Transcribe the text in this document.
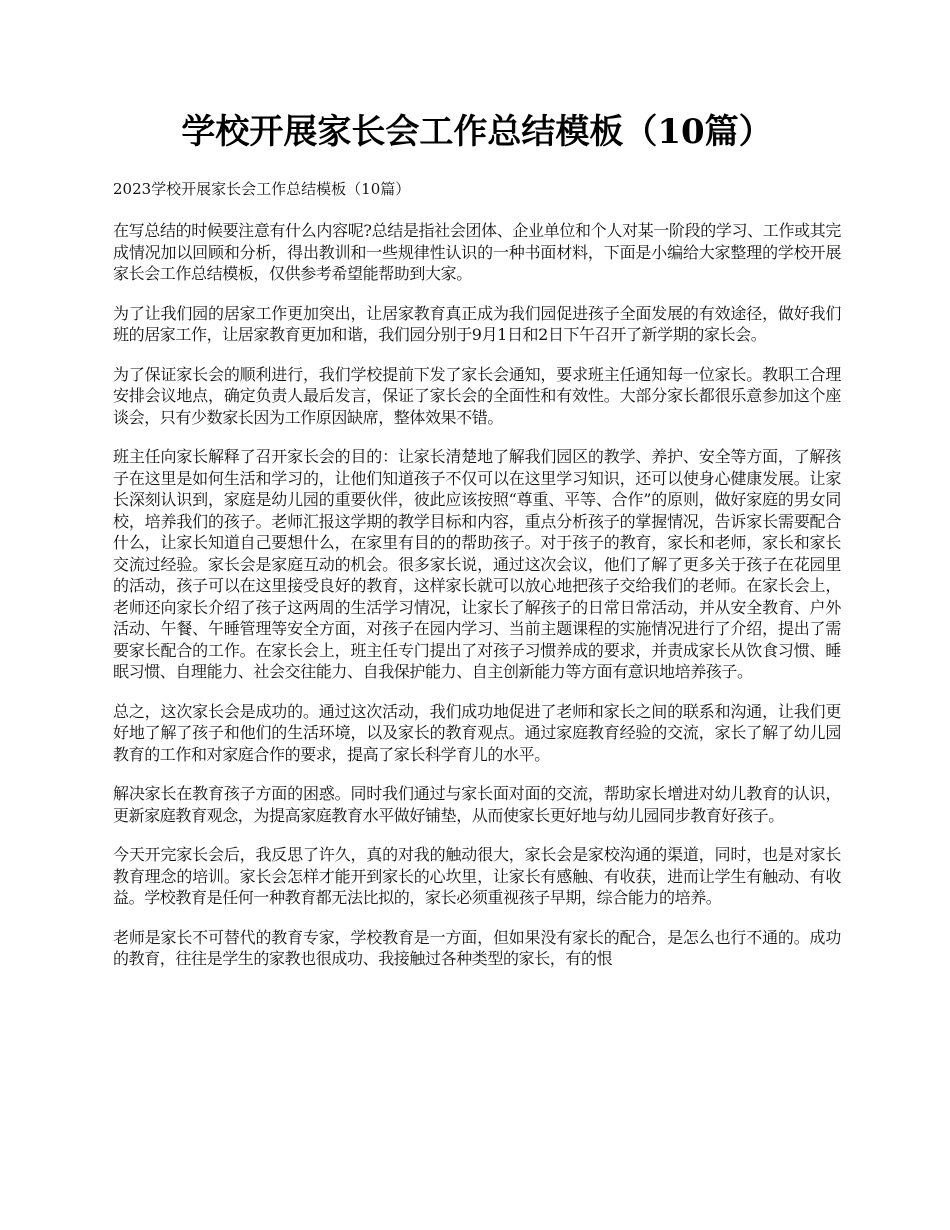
学校开展家长会工作总结模板（10篇）
2023学校开展家长会工作总结模板（10篇）

在写总结的时候要注意有什么内容呢?总结是指社会团体、企业单位和个人对某一阶段的学习、工作或其完成情况加以回顾和分析，得出教训和一些规律性认识的一种书面材料，下面是小编给大家整理的学校开展家长会工作总结模板，仅供参考希望能帮助到大家。

为了让我们园的居家工作更加突出，让居家教育真正成为我们园促进孩子全面发展的有效途径，做好我们班的居家工作，让居家教育更加和谐，我们园分别于9月1日和2日下午召开了新学期的家长会。

为了保证家长会的顺利进行，我们学校提前下发了家长会通知，要求班主任通知每一位家长。教职工合理安排会议地点，确定负责人最后发言，保证了家长会的全面性和有效性。大部分家长都很乐意参加这个座谈会，只有少数家长因为工作原因缺席，整体效果不错。

班主任向家长解释了召开家长会的目的：让家长清楚地了解我们园区的教学、养护、安全等方面，了解孩子在这里是如何生活和学习的，让他们知道孩子不仅可以在这里学习知识，还可以使身心健康发展。让家长深刻认识到，家庭是幼儿园的重要伙伴，彼此应该按照“尊重、平等、合作”的原则，做好家庭的男女同校，培养我们的孩子。老师汇报这学期的教学目标和内容，重点分析孩子的掌握情况，告诉家长需要配合什么，让家长知道自己要想什么，在家里有目的的帮助孩子。对于孩子的教育，家长和老师，家长和家长交流过经验。家长会是家庭互动的机会。很多家长说，通过这次会议，他们了解了更多关于孩子在花园里的活动，孩子可以在这里接受良好的教育，这样家长就可以放心地把孩子交给我们的老师。在家长会上，老师还向家长介绍了孩子这两周的生活学习情况，让家长了解孩子的日常日常活动，并从安全教育、户外活动、午餐、午睡管理等安全方面，对孩子在园内学习、当前主题课程的实施情况进行了介绍，提出了需要家长配合的工作。在家长会上，班主任专门提出了对孩子习惯养成的要求，并责成家长从饮食习惯、睡眠习惯、自理能力、社会交往能力、自我保护能力、自主创新能力等方面有意识地培养孩子。

总之，这次家长会是成功的。通过这次活动，我们成功地促进了老师和家长之间的联系和沟通，让我们更好地了解了孩子和他们的生活环境，以及家长的教育观点。通过家庭教育经验的交流，家长了解了幼儿园教育的工作和对家庭合作的要求，提高了家长科学育儿的水平。

解决家长在教育孩子方面的困惑。同时我们通过与家长面对面的交流，帮助家长增进对幼儿教育的认识，更新家庭教育观念，为提高家庭教育水平做好铺垫，从而使家长更好地与幼儿园同步教育好孩子。

今天开完家长会后，我反思了许久，真的对我的触动很大，家长会是家校沟通的渠道，同时，也是对家长教育理念的培训。家长会怎样才能开到家长的心坎里，让家长有感触、有收获，进而让学生有触动、有收益。学校教育是任何一种教育都无法比拟的，家长必须重视孩子早期，综合能力的培养。

老师是家长不可替代的教育专家，学校教育是一方面，但如果没有家长的配合，是怎么也行不通的。成功的教育，往往是学生的家教也很成功、我接触过各种类型的家长，有的恨
